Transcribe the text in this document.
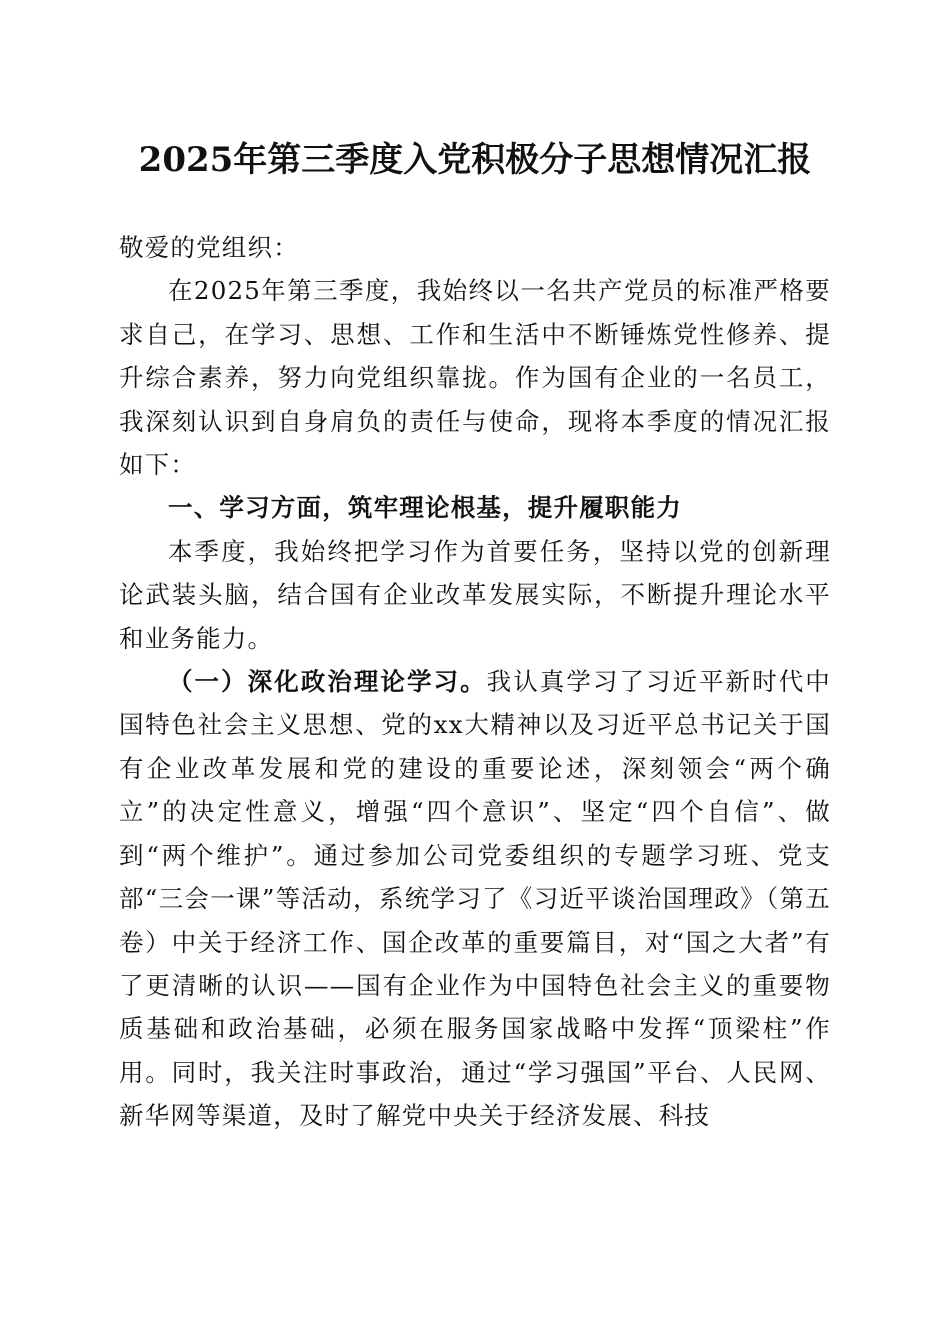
2025年第三季度入党积极分子思想情况汇报

敬爱的党组织：

在2025年第三季度，我始终以一名共产党员的标准严格要求自己，在学习、思想、工作和生活中不断锤炼党性修养、提升综合素养，努力向党组织靠拢。作为国有企业的一名员工，我深刻认识到自身肩负的责任与使命，现将本季度的情况汇报如下：

一、学习方面，筑牢理论根基，提升履职能力

本季度，我始终把学习作为首要任务，坚持以党的创新理论武装头脑，结合国有企业改革发展实际，不断提升理论水平和业务能力。

（一）深化政治理论学习。我认真学习了习近平新时代中国特色社会主义思想、党的xx大精神以及习近平总书记关于国有企业改革发展和党的建设的重要论述，深刻领会“两个确立”的决定性意义，增强“四个意识”、坚定“四个自信”、做到“两个维护”。通过参加公司党委组织的专题学习班、党支部“三会一课”等活动，系统学习了《习近平谈治国理政》（第五卷）中关于经济工作、国企改革的重要篇目，对“国之大者”有了更清晰的认识——国有企业作为中国特色社会主义的重要物质基础和政治基础，必须在服务国家战略中发挥“顶梁柱”作用。同时，我关注时事政治，通过“学习强国”平台、人民网、新华网等渠道，及时了解党中央关于经济发展、科技
